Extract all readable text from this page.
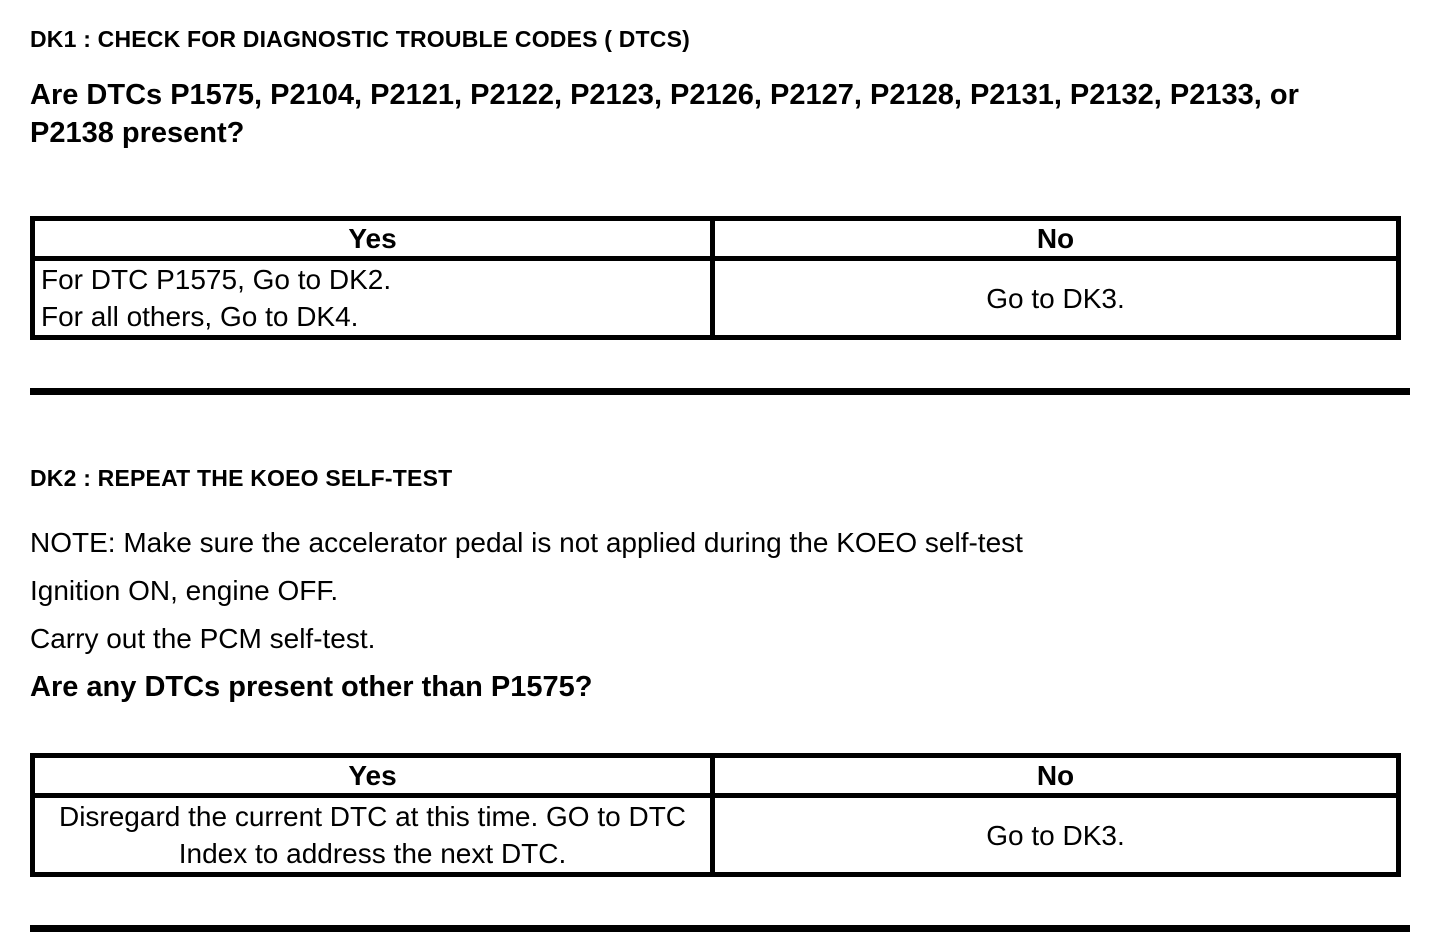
DK1 : CHECK FOR DIAGNOSTIC TROUBLE CODES ( DTCS)

Are DTCs P1575, P2104, P2121, P2122, P2123, P2126, P2127, P2128, P2131, P2132, P2133, or P2138 present?

Yes	No

For DTC P1575, Go to DK2.
For all others, Go to DK4.	Go to DK3.
DK2 : REPEAT THE KOEO SELF-TEST

NOTE: Make sure the accelerator pedal is not applied during the KOEO self-test

Ignition ON, engine OFF.

Carry out the PCM self-test.

Are any DTCs present other than P1575?

Yes	No
Disregard the current DTC at this time. GO to DTC Index to address the next DTC.	Go to DK3.
